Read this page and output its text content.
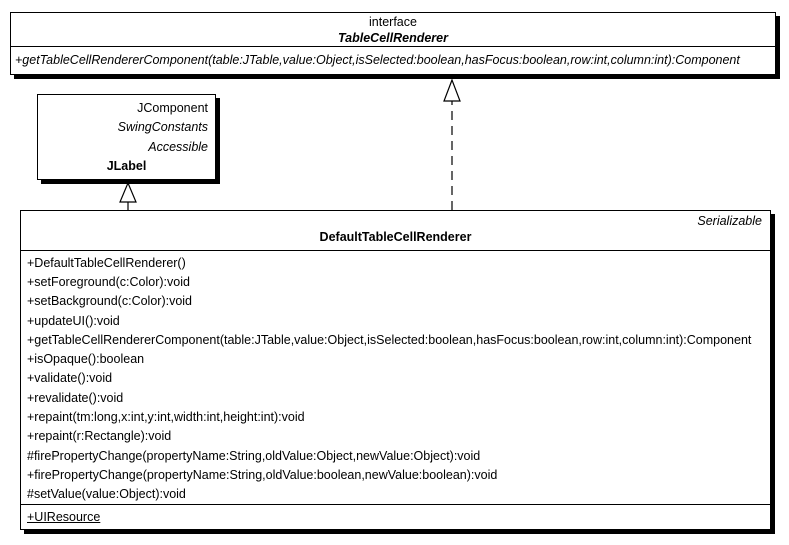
interface
TableCellRenderer
+getTableCellRendererComponent(table:JTable,value:Object,isSelected:boolean,hasFocus:boolean,row:int,column:int):Component
JComponent
SwingConstants
Accessible
JLabel
Serializable
DefaultTableCellRenderer
+DefaultTableCellRenderer()
+setForeground(c:Color):void
+setBackground(c:Color):void
+updateUI():void
+getTableCellRendererComponent(table:JTable,value:Object,isSelected:boolean,hasFocus:boolean,row:int,column:int):Component
+isOpaque():boolean
+validate():void
+revalidate():void
+repaint(tm:long,x:int,y:int,width:int,height:int):void
+repaint(r:Rectangle):void
#firePropertyChange(propertyName:String,oldValue:Object,newValue:Object):void
+firePropertyChange(propertyName:String,oldValue:boolean,newValue:boolean):void
#setValue(value:Object):void
+UIResource
